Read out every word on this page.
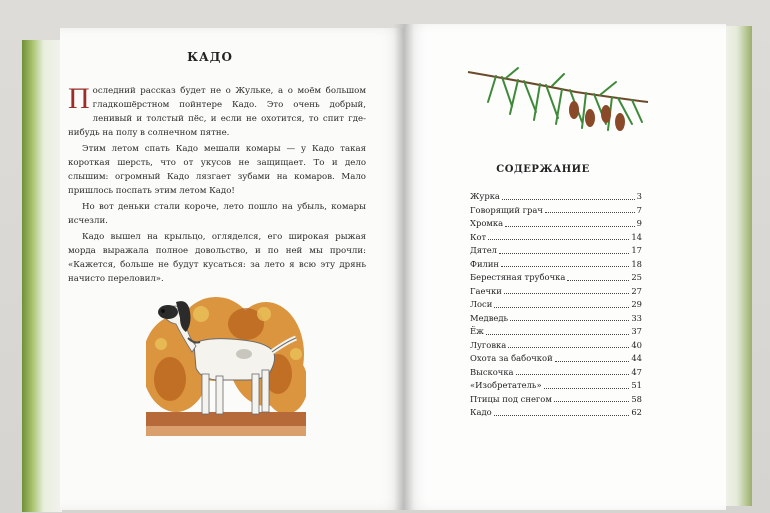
КАДО

Последний рассказ будет не о Жульке, а о моём большом гладкошёрстном пойнтере Кадо. Это очень добрый, ленивый и толстый пёс, и если не охотится, то спит где-нибудь на полу в солнечном пятне.

Этим летом спать Кадо мешали комары — у Кадо такая короткая шерсть, что от укусов не защищает. То и дело слышим: огромный Кадо лязгает зубами на комаров. Мало пришлось поспать этим летом Кадо!

Но вот деньки стали короче, лето пошло на убыль, комары исчезли.

Кадо вышел на крыльцо, огляделся, его широкая рыжая морда выражала полное довольство, и по ней мы прочли: «Кажется, больше не будут кусаться: за лето я всю эту дрянь начисто переловил».

СОДЕРЖАНИЕ
Журка	3
Говорящий грач	7
Хромка	9
Кот	14
Дятел	17
Филин	18
Берестяная трубочка	25
Гаечки	27
Лоси	29
Медведь	33
Ёж	37
Луговка	40
Охота за бабочкой	44
Выскочка	47
«Изобретатель»	51
Птицы под снегом	58
Кадо	62
